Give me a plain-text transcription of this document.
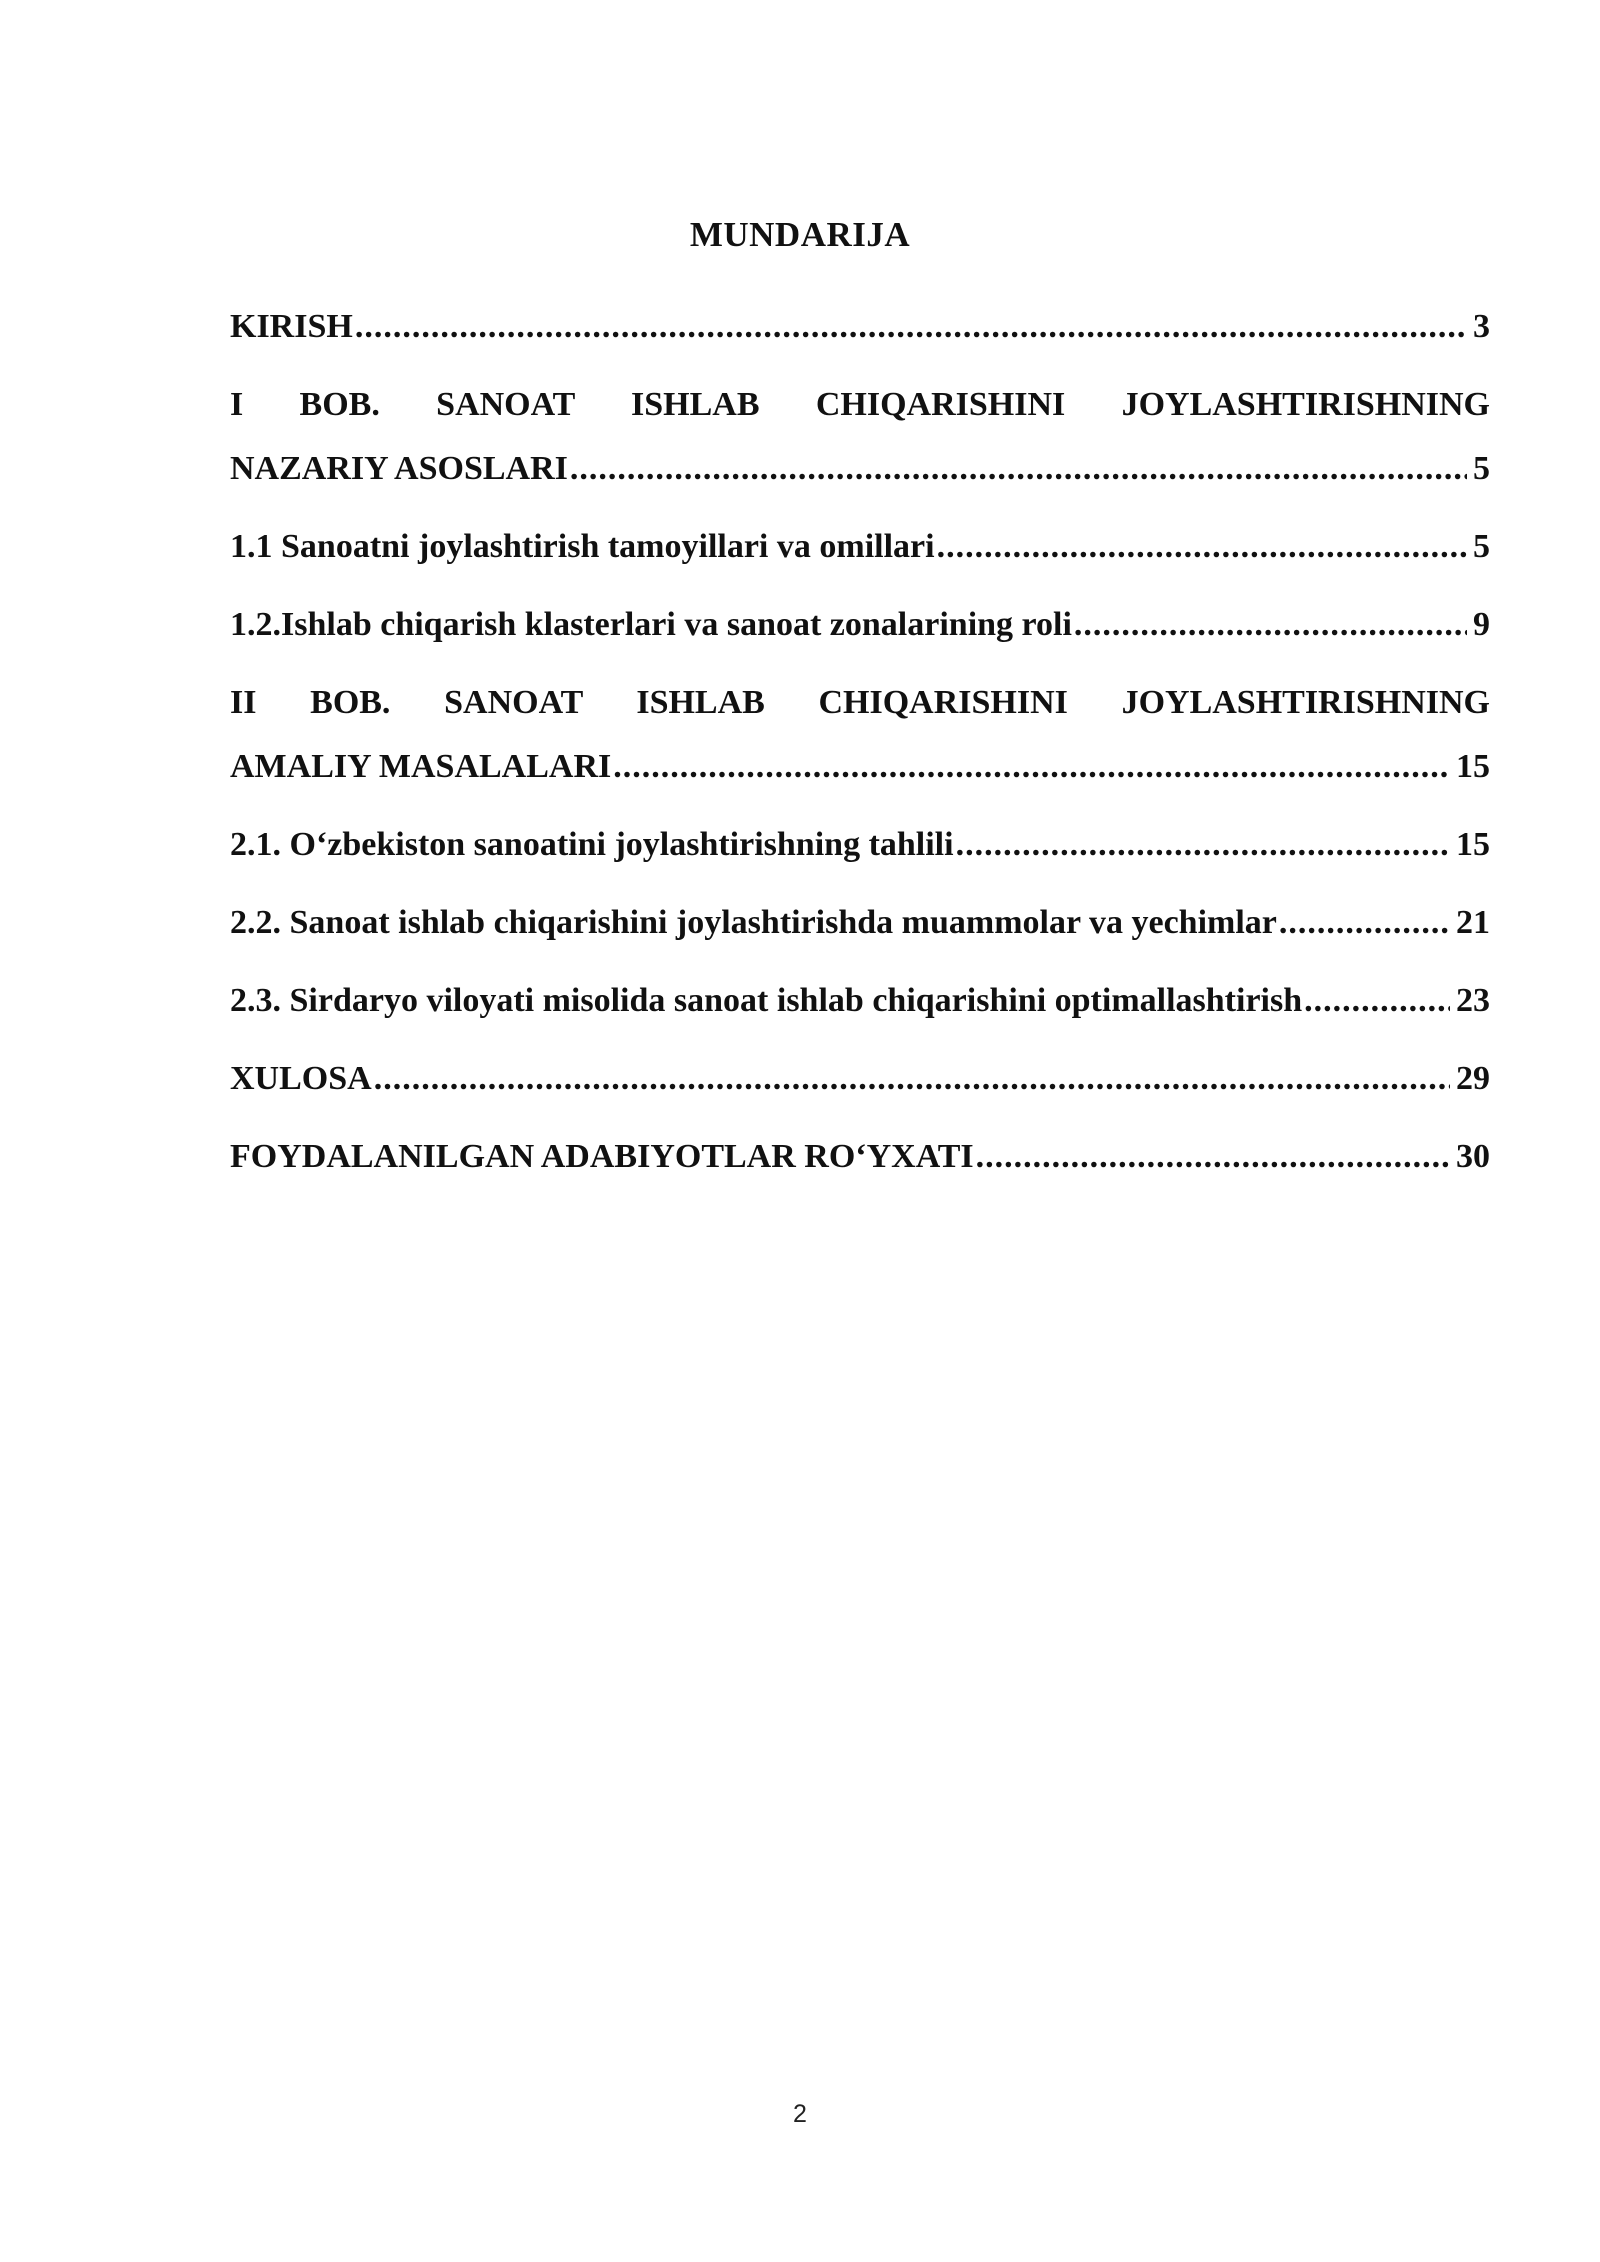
MUNDARIJA
KIRISH .....	3
I BOB. SANOAT ISHLAB CHIQARISHINI JOYLASHTIRISHNING
NAZARIY ASOSLARI .....	5
1.1 Sanoatni joylashtirish tamoyillari va omillari .....	5
1.2.Ishlab chiqarish klasterlari va sanoat zonalarining roli .....	9
II BOB. SANOAT ISHLAB CHIQARISHINI JOYLASHTIRISHNING
AMALIY MASALALARI .....	15
2.1. O‘zbekiston sanoatini joylashtirishning tahlili .....	15
2.2. Sanoat ishlab chiqarishini joylashtirishda muammolar va yechimlar .....	21
2.3. Sirdaryo viloyati misolida sanoat ishlab chiqarishini optimallashtirish .....	23
XULOSA .....	29
FOYDALANILGAN ADABIYOTLAR RO‘YXATI .....	30
2
